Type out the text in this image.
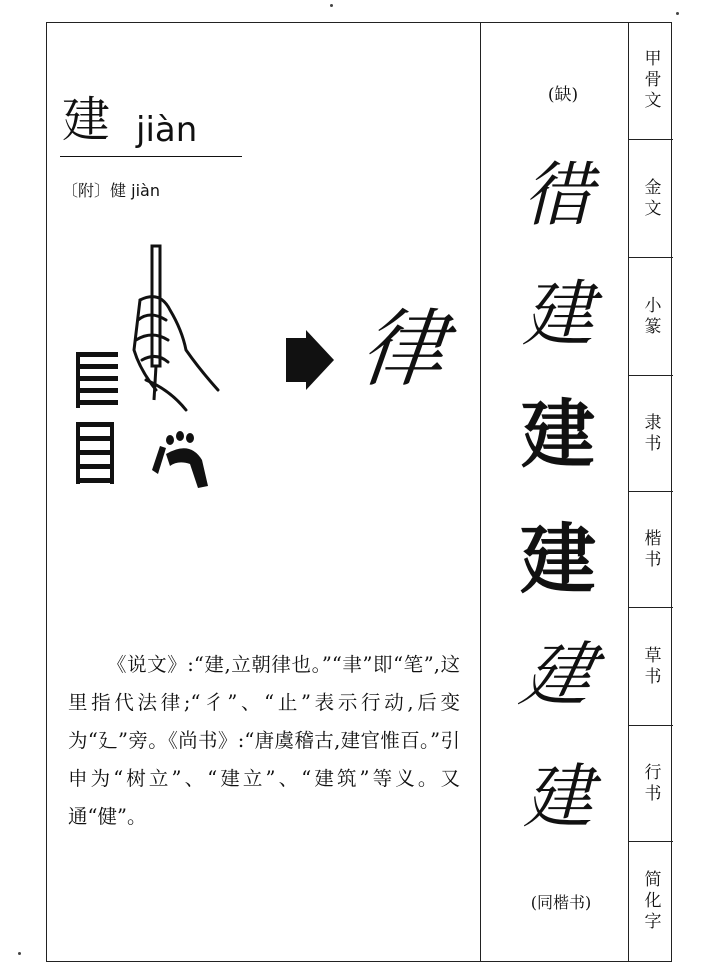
甲骨文
金文
小篆
隶书
楷书
草书
行书
简化字
建 jiàn
〔附〕健 jiàn
律
《说文》:“建,立朝律也。”“聿”即“笔”,这里指代法律;“彳”、“止”表示行动,后变为“廴”旁。《尚书》:“唐虞稽古,建官惟百。”引申为“树立”、“建立”、“建筑”等义。又通“健”。
(缺)
徣
建
建
建
建
建
(同楷书)
